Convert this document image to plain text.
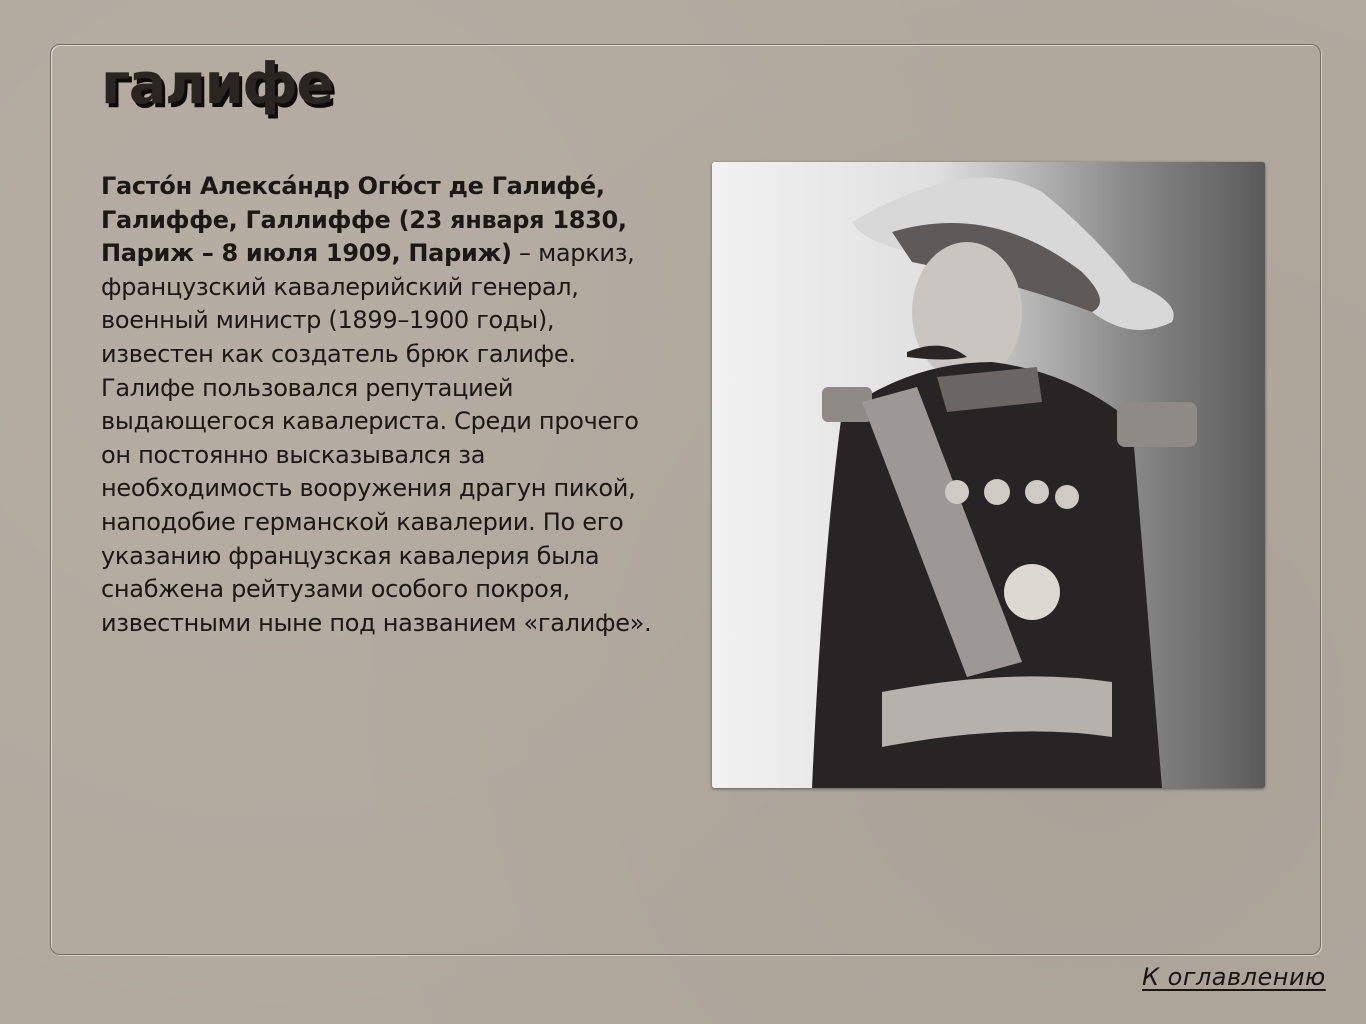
галифе

Гасто́н Алекса́ндр Огю́ст де Галифе́, Галиффе, Галлиффе (23 января 1830, Париж – 8 июля 1909, Париж) – маркиз, французский кавалерийский генерал, военный министр (1899–1900 годы), известен как создатель брюк галифе. Галифе пользовался репутацией выдающегося кавалериста. Среди прочего он постоянно высказывался за необходимость вооружения драгун пикой, наподобие германской кавалерии. По его указанию французская кавалерия была снабжена рейтузами особого покроя, известными ныне под названием «галифе».

К оглавлению
